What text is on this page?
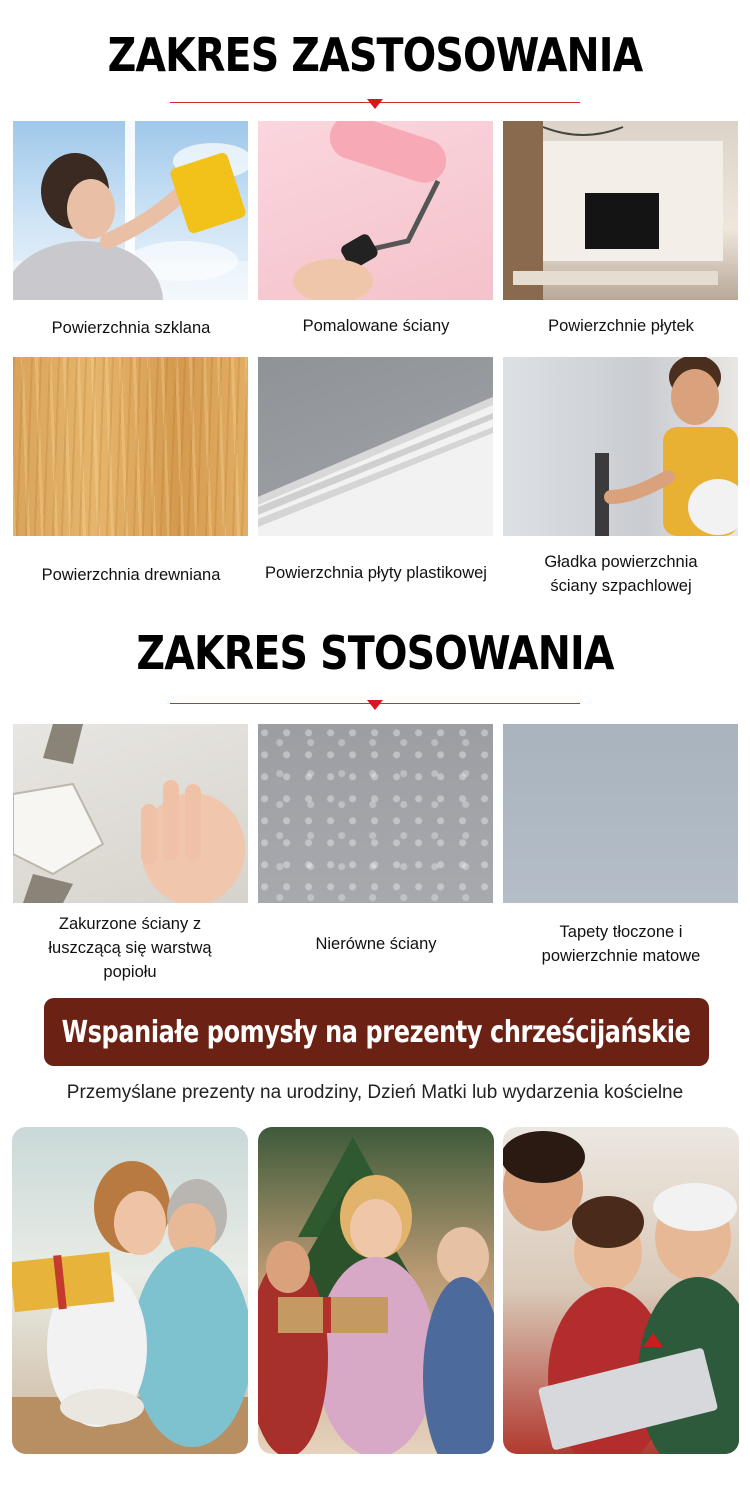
ZAKRES ZASTOSOWANIA
Powierzchnia szklana	Pomalowane ściany	Powierzchnie płytek
Powierzchnia drewniana	Powierzchnia płyty plastikowej
Gładka powierzchnia
ściany szpachlowej
ZAKRES STOSOWANIA
Zakurzone ściany z
łuszczącą się warstwą
popiołu
Nierówne ściany
Tapety tłoczone i
powierzchnie matowe
Wspaniałe pomysły na prezenty chrześcijańskie
Przemyślane prezenty na urodziny, Dzień Matki lub wydarzenia kościelne
